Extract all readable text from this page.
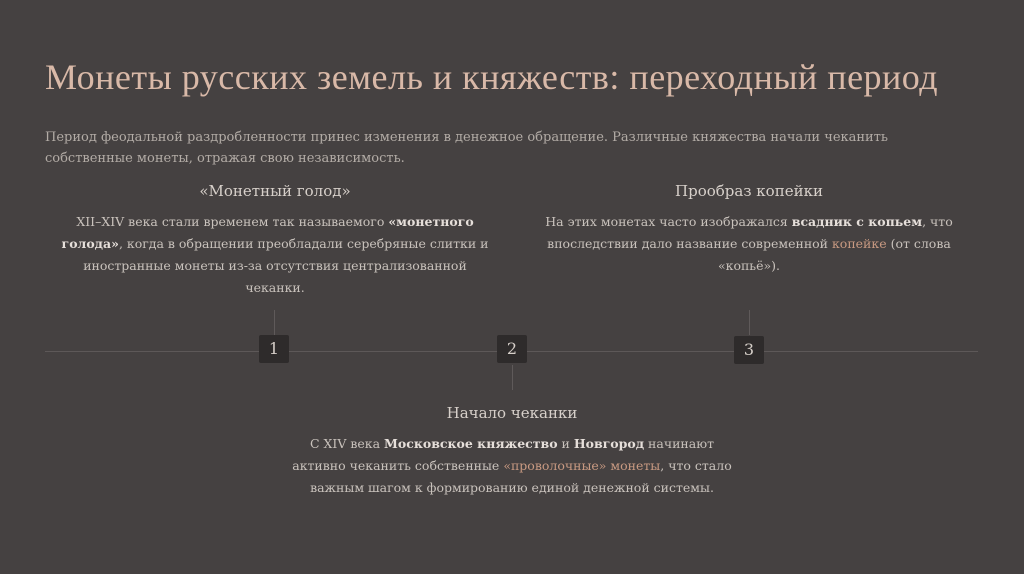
Монеты русских земель и княжеств: переходный период

Период феодальной раздробленности принес изменения в денежное обращение. Различные княжества начали чеканить собственные монеты, отражая свою независимость.

«Монетный голод»

XII–XIV века стали временем так называемого «монетного голода», когда в обращении преобладали серебряные слитки и иностранные монеты из-за отсутствия централизованной чеканки.

Прообраз копейки

На этих монетах часто изображался всадник с копьем, что впоследствии дало название современной копейке (от слова «копьё»).

1	2	3
Начало чеканки

С XIV века Московское княжество и Новгород начинают активно чеканить собственные «проволочные» монеты, что стало важным шагом к формированию единой денежной системы.
